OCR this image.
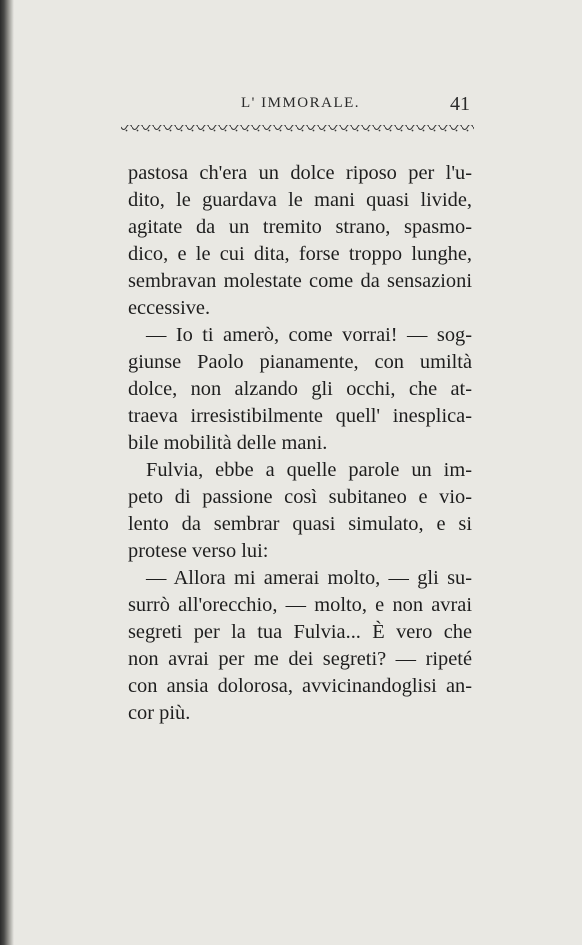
L' IMMORALE.	41
pastosa ch'era un dolce riposo per l'u-
dito, le guardava le mani quasi livide,
agitate da un tremito strano, spasmo-
dico, e le cui dita, forse troppo lunghe,
sembravan molestate come da sensazioni
eccessive.
— Io ti amerò, come vorrai! — sog-
giunse Paolo pianamente, con umiltà
dolce, non alzando gli occhi, che at-
traeva irresistibilmente quell' inesplica-
bile mobilità delle mani.
Fulvia, ebbe a quelle parole un im-
peto di passione così subitaneo e vio-
lento da sembrar quasi simulato, e si
protese verso lui:
— Allora mi amerai molto, — gli su-
surrò all'orecchio, — molto, e non avrai
segreti per la tua Fulvia... È vero che
non avrai per me dei segreti? — ripeté
con ansia dolorosa, avvicinandoglisi an-
cor più.
